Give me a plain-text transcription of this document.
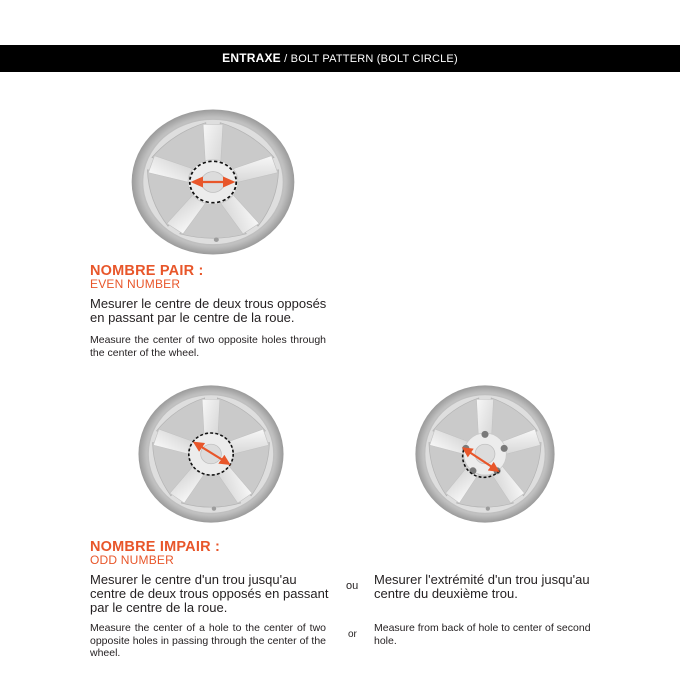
ENTRAXE / BOLT PATTERN (BOLT CIRCLE)
NOMBRE PAIR :
EVEN NUMBER
Mesurer le centre de deux trous opposés en passant par le centre de la roue.
Measure the center of two opposite holes through the center of the wheel.
NOMBRE IMPAIR :
ODD NUMBER
Mesurer le centre d'un trou jusqu'au centre de deux trous opposés en passant par le centre de la roue.
ou Mesurer l'extrémité d'un trou jusqu'au centre du deuxième trou.
Measure the center of a hole to the center of two opposite holes in passing through the center of the wheel.
or
Measure from back of hole to center of second hole.
